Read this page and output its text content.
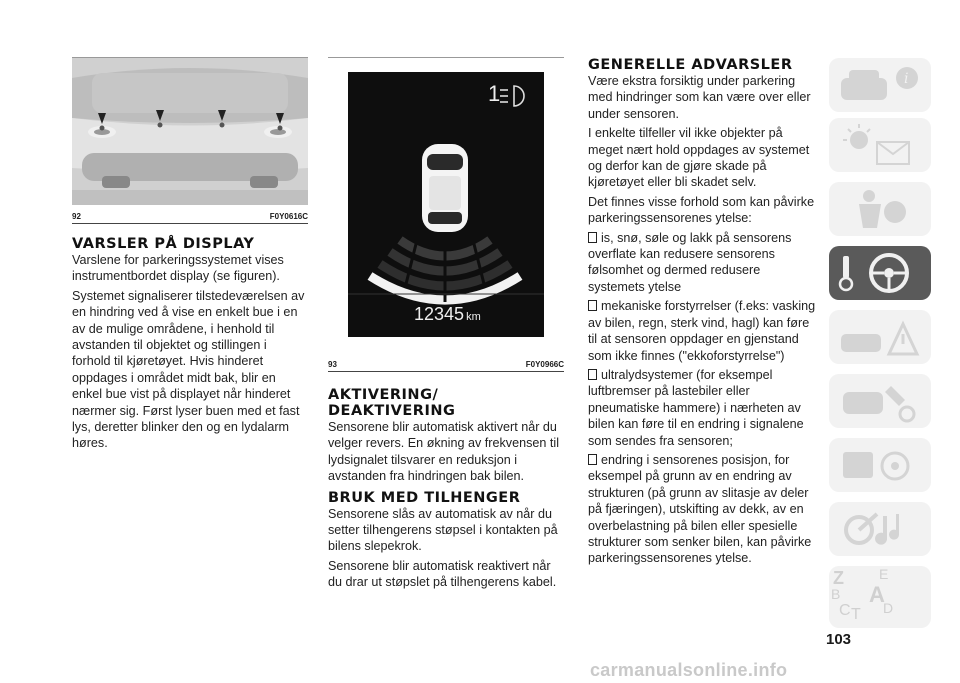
92	F0Y0616C
VARSLER PÅ DISPLAY

Varslene for parkeringssystemet vises instrumentbordet display (se figuren).

Systemet signaliserer tilstedeværelsen av en hindring ved å vise en enkelt bue i en av de mulige områdene, i henhold til avstanden til objektet og stillingen i forhold til kjøretøyet. Hvis hinderet oppdages i området midt bak, blir en enkel bue vist på displayet når hinderet nærmer sig. Først lyser buen med et fast lys, deretter blinker den og en lydalarm høres.

1
12345 km
93	F0Y0966C
AKTIVERING/
DEAKTIVERING

Sensorene blir automatisk aktivert når du velger revers. En økning av frekvensen til lydsignalet tilsvarer en reduksjon i avstanden fra hindringen bak bilen.

BRUK MED TILHENGER

Sensorene slås av automatisk av når du setter tilhengerens støpsel i kontakten på bilens slepekrok.

Sensorene blir automatisk reaktivert når du drar ut støpslet på tilhengerens kabel.

GENERELLE ADVARSLER

Være ekstra forsiktig under parkering med hindringer som kan være over eller under sensoren.

I enkelte tilfeller vil ikke objekter på meget nært hold oppdages av systemet og derfor kan de gjøre skade på kjøretøyet eller bli skadet selv.

Det finnes visse forhold som kan påvirke parkeringssensorenes ytelse:

is, snø, søle og lakk på sensorens overflate kan redusere sensorens følsomhet og dermed redusere systemets ytelse

mekaniske forstyrrelser (f.eks: vasking av bilen, regn, sterk vind, hagl) kan føre til at sensoren oppdager en gjenstand som ikke finnes ("ekkoforstyrrelse")

ultralydsystemer (for eksempel luftbremser på lastebiler eller pneumatiske hammere) i nærheten av bilen kan føre til en endring i signalene som sendes fra sensoren;

endring i sensorenes posisjon, for eksempel på grunn av en endring av strukturen (på grunn av slitasje av deler på fjæringen), utskifting av dekk, av en overbelastning på bilen eller spesielle strukturer som senker bilen, kan påvirke parkeringssensorenes ytelse.

i
Z	E
B A
C T D
103
carmanualsonline.info
